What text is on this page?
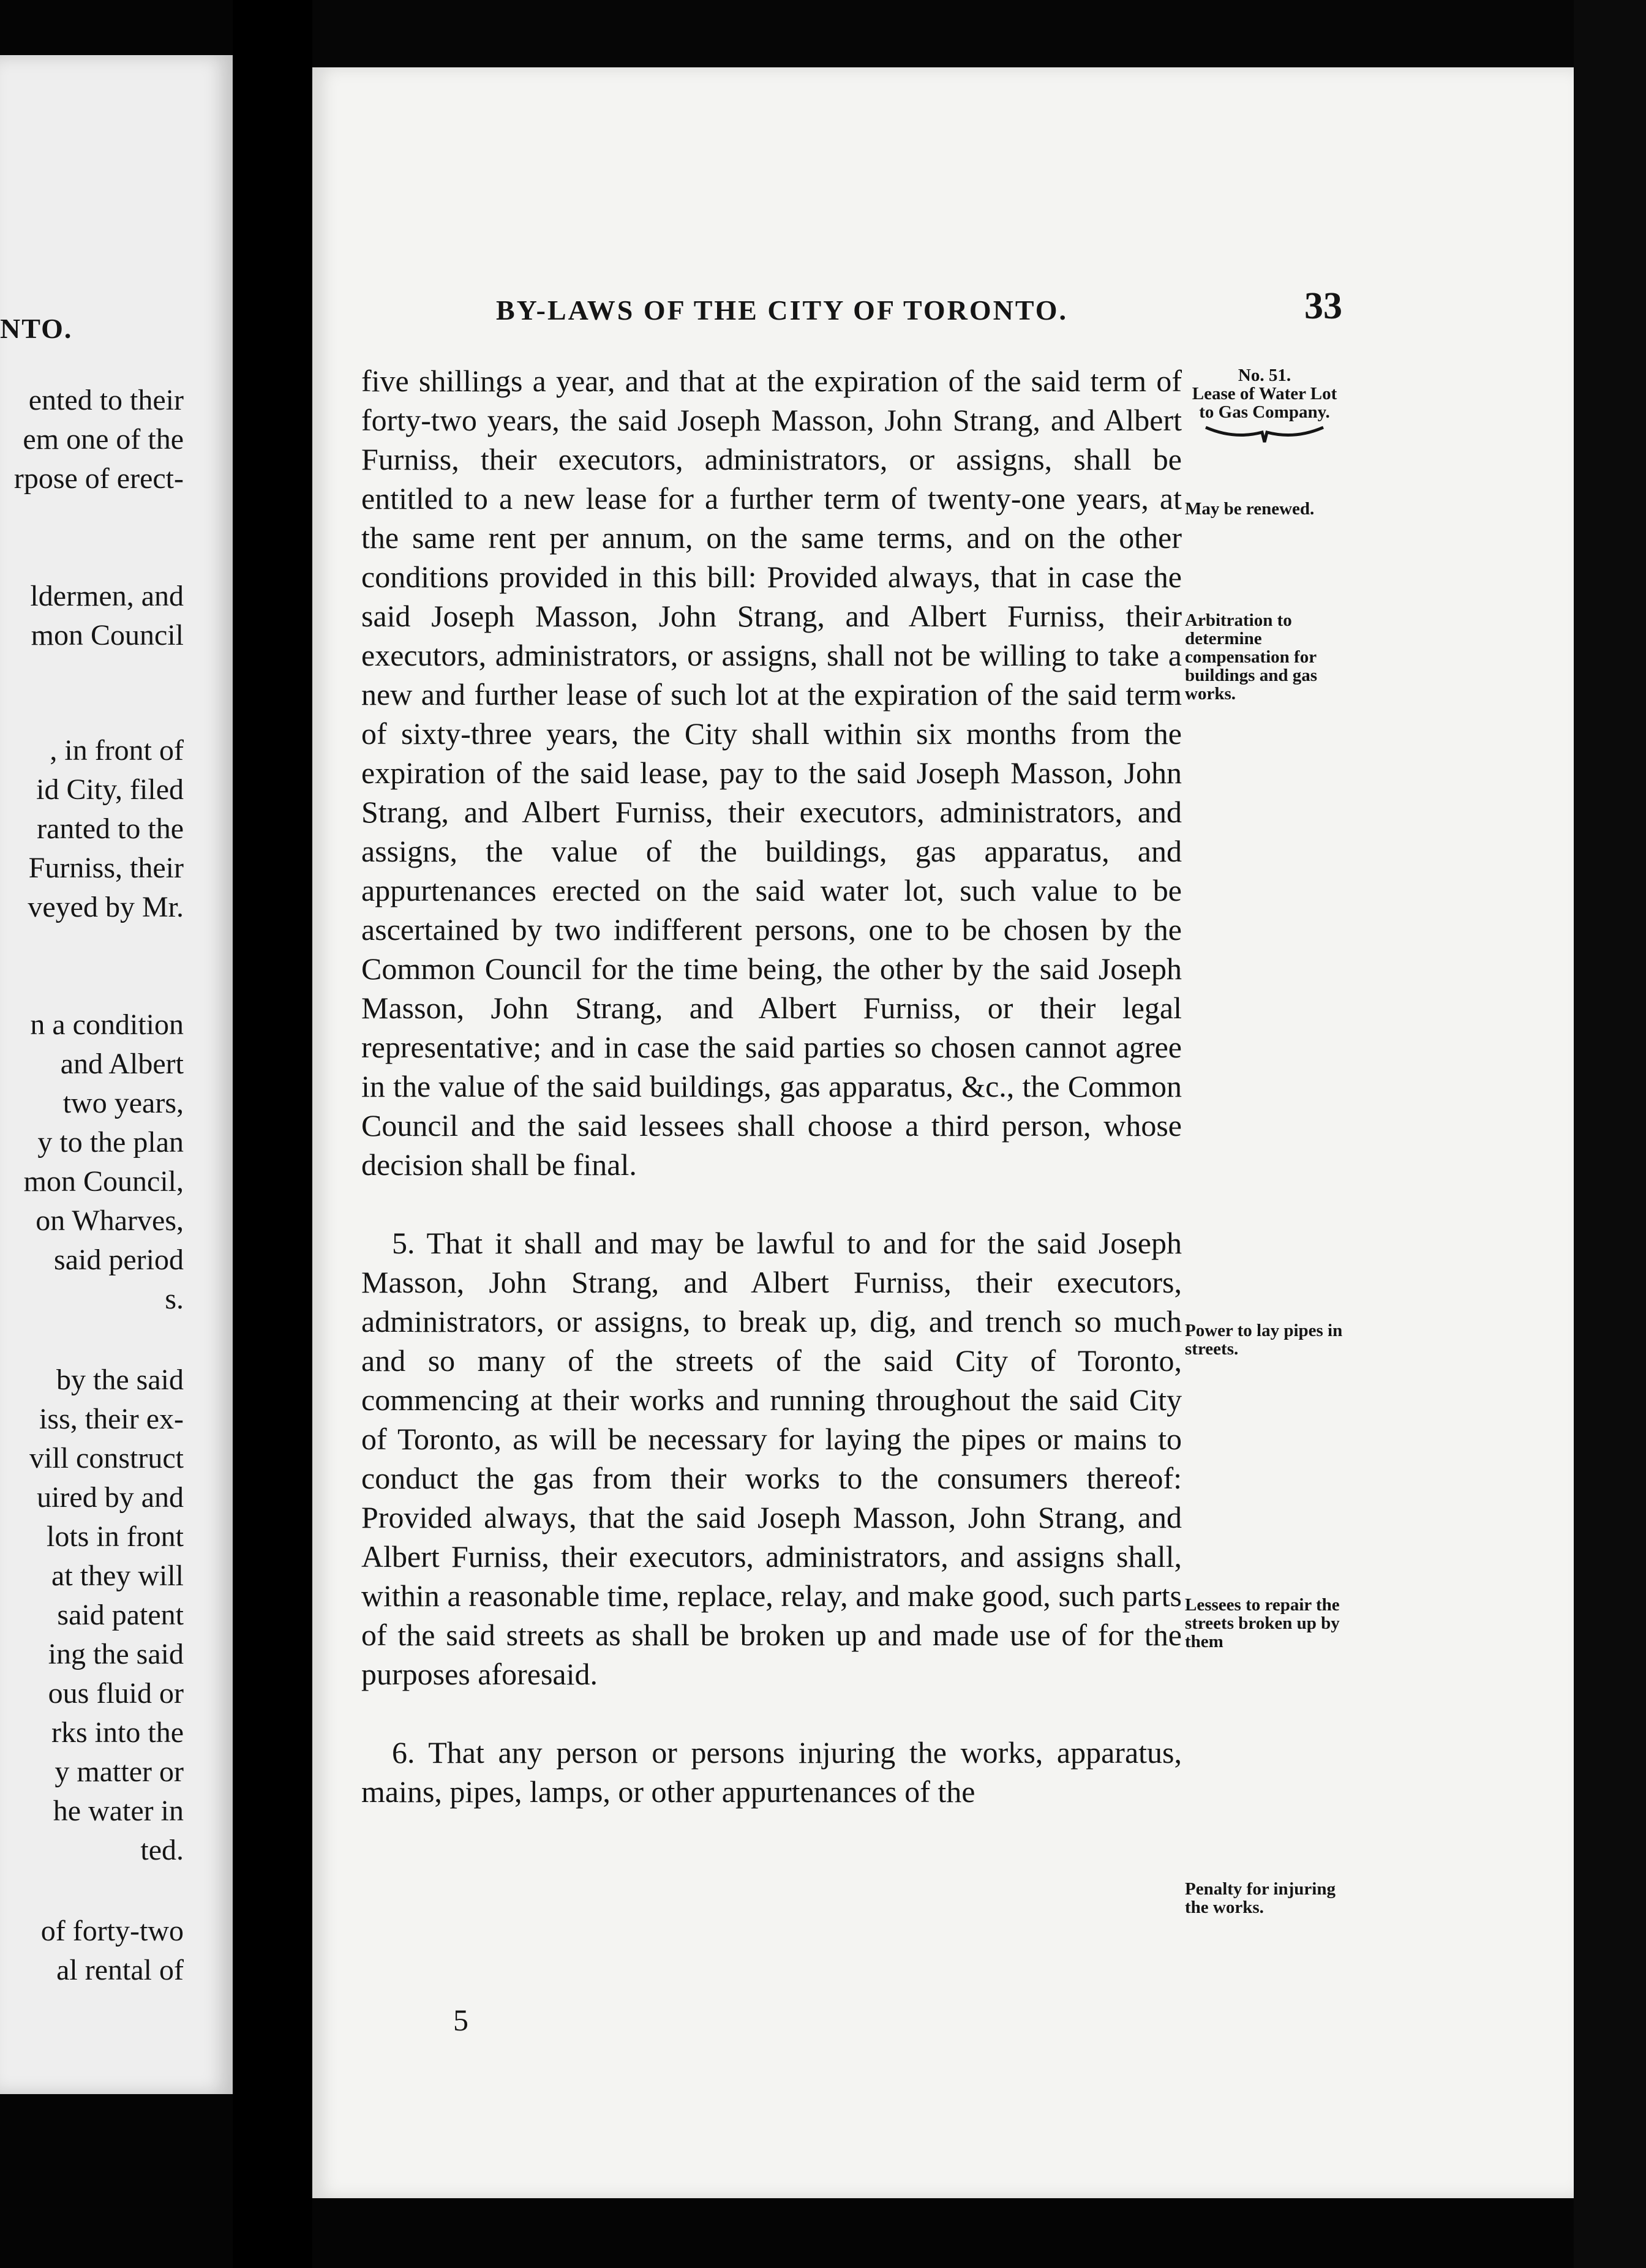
NTO.
ented to their
em one of the
rpose of erect-
ldermen, and
mon Council
, in front of
id City, filed
ranted to the
Furniss, their
veyed by Mr.
n a condition
and Albert
two years,
y to the plan
mon Council,
on Wharves,
said period
s.
by the said
iss, their ex-
vill construct
uired by and
lots in front
at they will
said patent
ing the said
ous fluid or
rks into the
y matter or
he water in
ted.
of forty-two
al rental of
BY-LAWS OF THE CITY OF TORONTO.	33

five shillings a year, and that at the expiration of the said term of forty-two years, the said Joseph Masson, John Strang, and Albert Furniss, their executors, administrators, or assigns, shall be entitled to a new lease for a further term of twenty-one years, at the same rent per annum, on the same terms, and on the other conditions provided in this bill: Provided always, that in case the said Joseph Masson, John Strang, and Albert Furniss, their executors, administrators, or assigns, shall not be willing to take a new and further lease of such lot at the expiration of the said term of sixty-three years, the City shall within six months from the expiration of the said lease, pay to the said Joseph Masson, John Strang, and Albert Furniss, their executors, administrators, and assigns, the value of the buildings, gas apparatus, and appurtenances erected on the said water lot, such value to be ascertained by two indifferent persons, one to be chosen by the Common Council for the time being, the other by the said Joseph Masson, John Strang, and Albert Furniss, or their legal representative; and in case the said parties so chosen cannot agree in the value of the said buildings, gas apparatus, &c., the Common Council and the said lessees shall choose a third person, whose decision shall be final.

5. That it shall and may be lawful to and for the said Joseph Masson, John Strang, and Albert Furniss, their executors, administrators, or assigns, to break up, dig, and trench so much and so many of the streets of the said City of Toronto, commencing at their works and running throughout the said City of Toronto, as will be necessary for laying the pipes or mains to conduct the gas from their works to the consumers thereof: Provided always, that the said Joseph Masson, John Strang, and Albert Furniss, their executors, administrators, and assigns shall, within a reasonable time, replace, relay, and make good, such parts of the said streets as shall be broken up and made use of for the purposes aforesaid.

6. That any person or persons injuring the works, apparatus, mains, pipes, lamps, or other appurtenances of the

5
No. 51.
Lease of Water Lot to Gas Company.
May be renewed.
Arbitration to determine compensation for buildings and gas works.
Power to lay pipes in streets.
Lessees to repair the streets broken up by them
Penalty for injuring the works.
